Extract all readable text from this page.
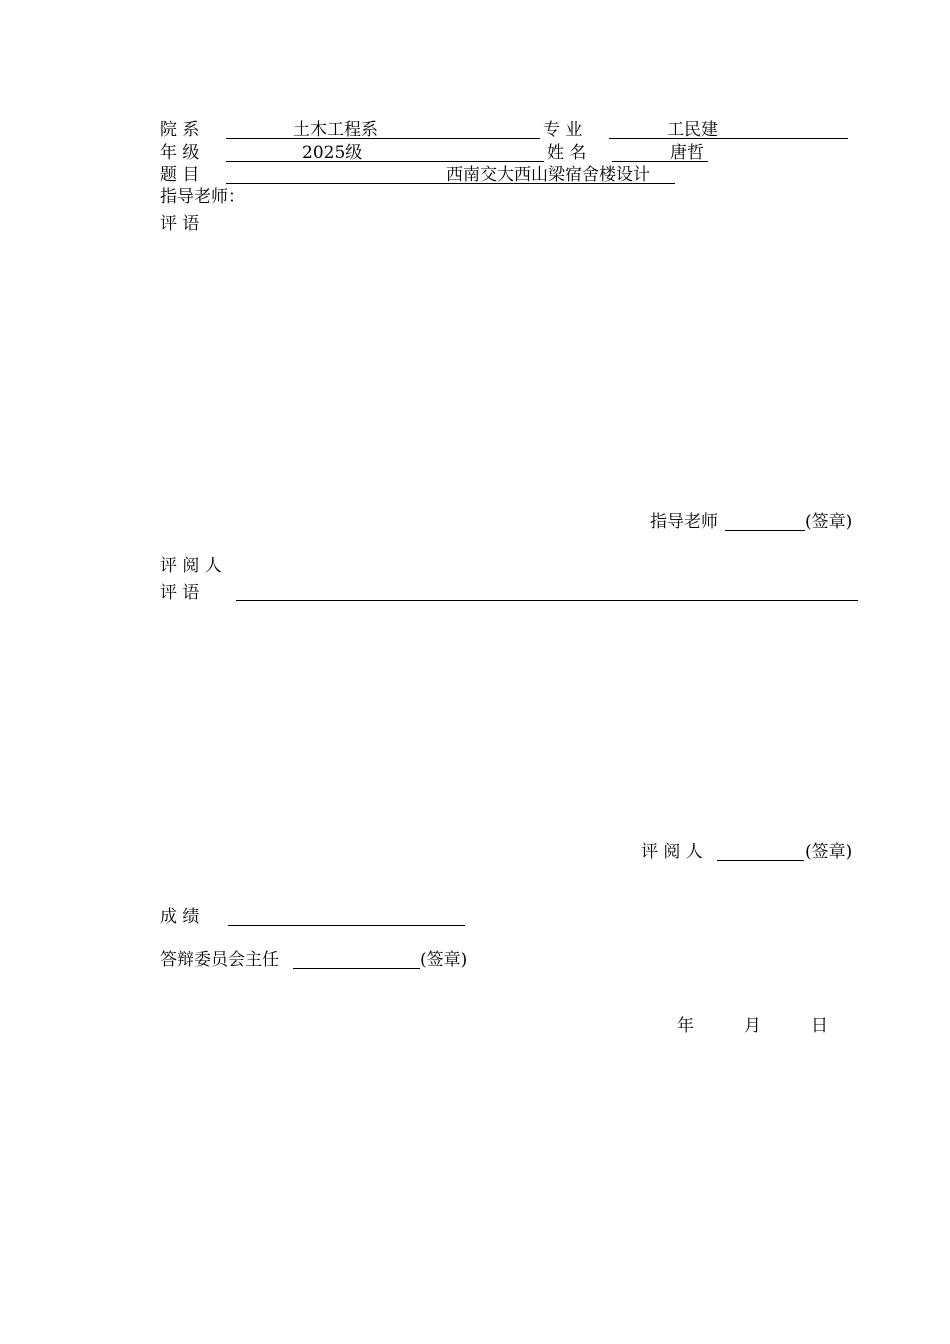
院 系	土木工程系	专 业	工民建
年 级	2025级	姓 名	唐哲
题 目	西南交大西山梁宿舍楼设计
指导老师：
评 语
指导老师	(签章)
评 阅 人
评 语
评 阅 人	(签章)
成 绩
答辩委员会主任	(签章)
年	月	日
